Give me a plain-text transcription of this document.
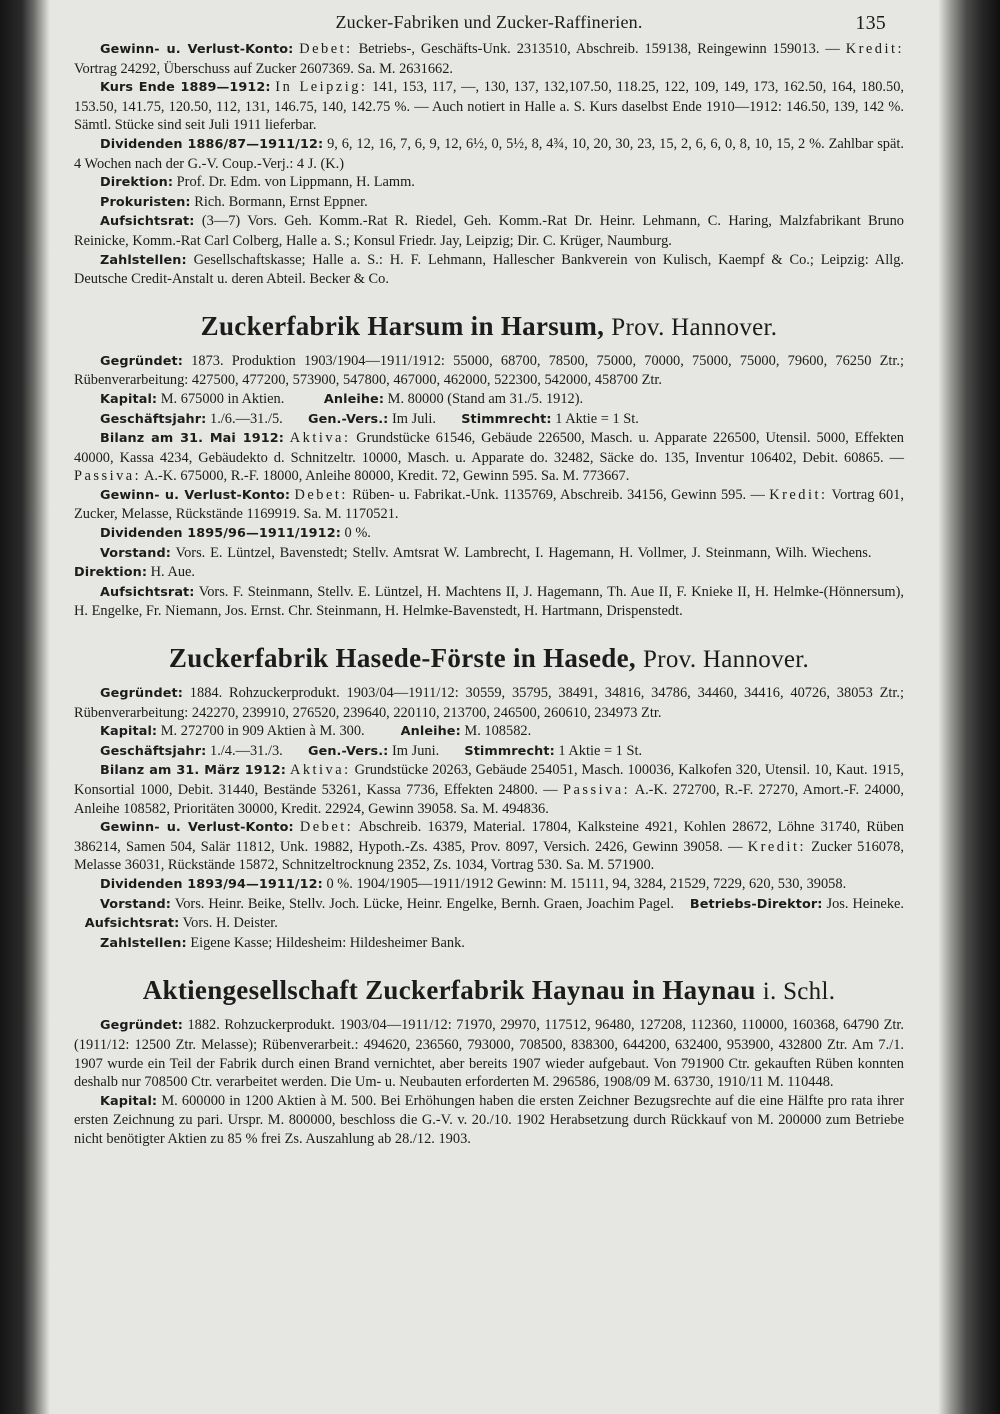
Zucker-Fabriken und Zucker-Raffinerien.	135

Gewinn- u. Verlust-Konto: Debet: Betriebs-, Geschäfts-Unk. 2313510, Abschreib. 159138, Reingewinn 159013. — Kredit: Vortrag 24292, Überschuss auf Zucker 2607369. Sa. M. 2631662.

Kurs Ende 1889—1912: In Leipzig: 141, 153, 117, —, 130, 137, 132,107.50, 118.25, 122, 109, 149, 173, 162.50, 164, 180.50, 153.50, 141.75, 120.50, 112, 131, 146.75, 140, 142.75 %. — Auch notiert in Halle a. S. Kurs daselbst Ende 1910—1912: 146.50, 139, 142 %. Sämtl. Stücke sind seit Juli 1911 lieferbar.

Dividenden 1886/87—1911/12: 9, 6, 12, 16, 7, 6, 9, 12, 6½, 0, 5½, 8, 4¾, 10, 20, 30, 23, 15, 2, 6, 6, 0, 8, 10, 15, 2 %. Zahlbar spät. 4 Wochen nach der G.-V. Coup.-Verj.: 4 J. (K.)

Direktion: Prof. Dr. Edm. von Lippmann, H. Lamm.

Prokuristen: Rich. Bormann, Ernst Eppner.

Aufsichtsrat: (3—7) Vors. Geh. Komm.-Rat R. Riedel, Geh. Komm.-Rat Dr. Heinr. Lehmann, C. Haring, Malzfabrikant Bruno Reinicke, Komm.-Rat Carl Colberg, Halle a. S.; Konsul Friedr. Jay, Leipzig; Dir. C. Krüger, Naumburg.

Zahlstellen: Gesellschaftskasse; Halle a. S.: H. F. Lehmann, Hallescher Bankverein von Kulisch, Kaempf & Co.; Leipzig: Allg. Deutsche Credit-Anstalt u. deren Abteil. Becker & Co.

Zuckerfabrik Harsum in Harsum, Prov. Hannover.

Gegründet: 1873. Produktion 1903/1904—1911/1912: 55000, 68700, 78500, 75000, 70000, 75000, 75000, 79600, 76250 Ztr.; Rübenverarbeitung: 427500, 477200, 573900, 547800, 467000, 462000, 522300, 542000, 458700 Ztr.

Kapital: M. 675000 in Aktien.	Anleihe: M. 80000 (Stand am 31./5. 1912).

Geschäftsjahr: 1./6.—31./5. Gen.-Vers.: Im Juli. Stimmrecht: 1 Aktie = 1 St.

Bilanz am 31. Mai 1912: Aktiva: Grundstücke 61546, Gebäude 226500, Masch. u. Apparate 226500, Utensil. 5000, Effekten 40000, Kassa 4234, Gebäudekto d. Schnitzeltr. 10000, Masch. u. Apparate do. 32482, Säcke do. 135, Inventur 106402, Debit. 60865. — Passiva: A.-K. 675000, R.-F. 18000, Anleihe 80000, Kredit. 72, Gewinn 595. Sa. M. 773667.

Gewinn- u. Verlust-Konto: Debet: Rüben- u. Fabrikat.-Unk. 1135769, Abschreib. 34156, Gewinn 595. — Kredit: Vortrag 601, Zucker, Melasse, Rückstände 1169919. Sa. M. 1170521.

Dividenden 1895/96—1911/1912: 0 %.

Vorstand: Vors. E. Lüntzel, Bavenstedt; Stellv. Amtsrat W. Lambrecht, I. Hagemann, H. Vollmer, J. Steinmann, Wilh. Wiechens.        Direktion: H. Aue.

Aufsichtsrat: Vors. F. Steinmann, Stellv. E. Lüntzel, H. Machtens II, J. Hagemann, Th. Aue II, F. Knieke II, H. Helmke-(Hönnersum), H. Engelke, Fr. Niemann, Jos. Ernst. Chr. Steinmann, H. Helmke-Bavenstedt, H. Hartmann, Drispenstedt.

Zuckerfabrik Hasede-Förste in Hasede, Prov. Hannover.

Gegründet: 1884. Rohzuckerprodukt. 1903/04—1911/12: 30559, 35795, 38491, 34816, 34786, 34460, 34416, 40726, 38053 Ztr.; Rübenverarbeitung: 242270, 239910, 276520, 239640, 220110, 213700, 246500, 260610, 234973 Ztr.

Kapital: M. 272700 in 909 Aktien à M. 300.	Anleihe: M. 108582.

Geschäftsjahr: 1./4.—31./3. Gen.-Vers.: Im Juni. Stimmrecht: 1 Aktie = 1 St.

Bilanz am 31. März 1912: Aktiva: Grundstücke 20263, Gebäude 254051, Masch. 100036, Kalkofen 320, Utensil. 10, Kaut. 1915, Konsortial 1000, Debit. 31440, Bestände 53261, Kassa 7736, Effekten 24800. — Passiva: A.-K. 272700, R.-F. 27270, Amort.-F. 24000, Anleihe 108582, Prioritäten 30000, Kredit. 22924, Gewinn 39058. Sa. M. 494836.

Gewinn- u. Verlust-Konto: Debet: Abschreib. 16379, Material. 17804, Kalksteine 4921, Kohlen 28672, Löhne 31740, Rüben 386214, Samen 504, Salär 11812, Unk. 19882, Hypoth.-Zs. 4385, Prov. 8097, Versich. 2426, Gewinn 39058. — Kredit: Zucker 516078, Melasse 36031, Rückstände 15872, Schnitzeltrocknung 2352, Zs. 1034, Vortrag 530. Sa. M. 571900.

Dividenden 1893/94—1911/12: 0 %. 1904/1905—1911/1912 Gewinn: M. 15111, 94, 3284, 21529, 7229, 620, 530, 39058.

Vorstand: Vors. Heinr. Beike, Stellv. Joch. Lücke, Heinr. Engelke, Bernh. Graen, Joachim Pagel. Betriebs-Direktor: Jos. Heineke.    Aufsichtsrat: Vors. H. Deister.

Zahlstellen: Eigene Kasse; Hildesheim: Hildesheimer Bank.

Aktiengesellschaft Zuckerfabrik Haynau in Haynau i. Schl.

Gegründet: 1882. Rohzuckerprodukt. 1903/04—1911/12: 71970, 29970, 117512, 96480, 127208, 112360, 110000, 160368, 64790 Ztr. (1911/12: 12500 Ztr. Melasse); Rübenverarbeit.: 494620, 236560, 793000, 708500, 838300, 644200, 632400, 953900, 432800 Ztr. Am 7./1. 1907 wurde ein Teil der Fabrik durch einen Brand vernichtet, aber bereits 1907 wieder aufgebaut. Von 791900 Ctr. gekauften Rüben konnten deshalb nur 708500 Ctr. verarbeitet werden. Die Um- u. Neubauten erforderten M. 296586, 1908/09 M. 63730, 1910/11 M. 110448.

Kapital: M. 600000 in 1200 Aktien à M. 500. Bei Erhöhungen haben die ersten Zeichner Bezugsrechte auf die eine Hälfte pro rata ihrer ersten Zeichnung zu pari. Urspr. M. 800000, beschloss die G.-V. v. 20./10. 1902 Herabsetzung durch Rückkauf von M. 200000 zum Betriebe nicht benötigter Aktien zu 85 % frei Zs. Auszahlung ab 28./12. 1903.
